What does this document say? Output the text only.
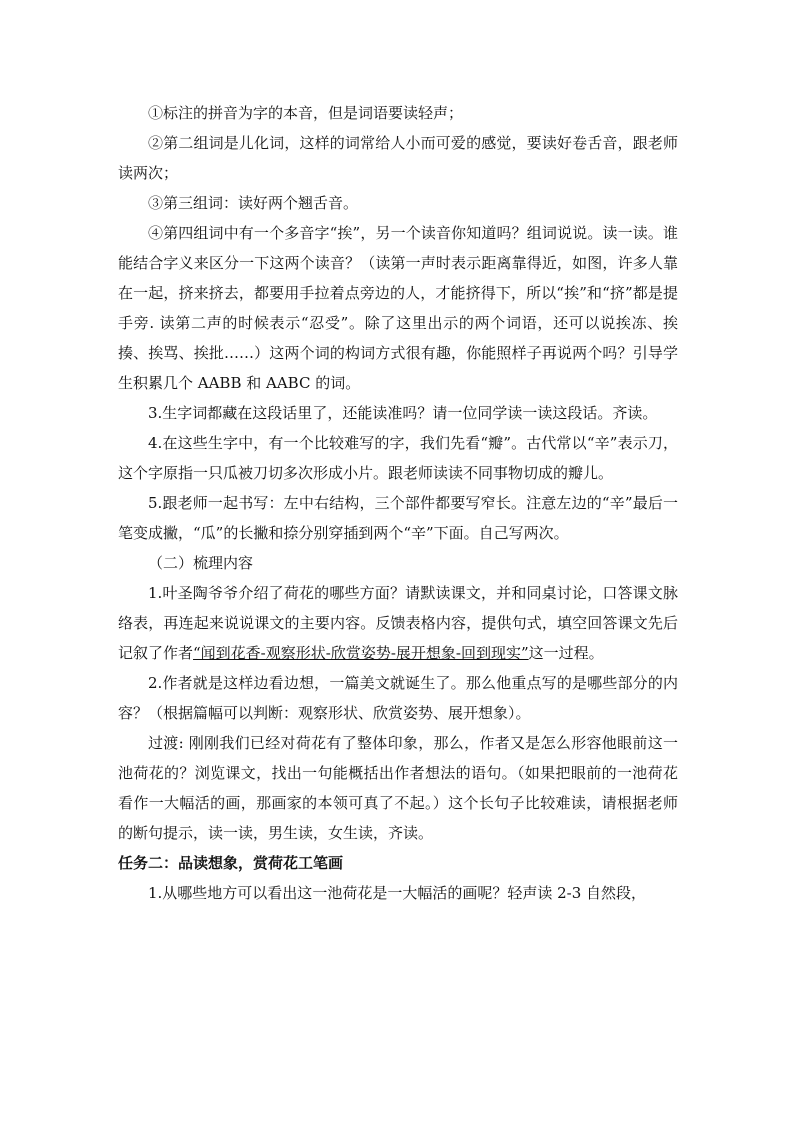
①标注的拼音为字的本音，但是词语要读轻声；

②第二组词是儿化词，这样的词常给人小而可爱的感觉，要读好卷舌音，跟老师读两次；

③第三组词：读好两个翘舌音。

④第四组词中有一个多音字“挨”，另一个读音你知道吗？组词说说。读一读。谁能结合字义来区分一下这两个读音？（读第一声时表示距离靠得近，如图，许多人靠在一起，挤来挤去，都要用手拉着点旁边的人，才能挤得下，所以“挨”和“挤”都是提手旁. 读第二声的时候表示“忍受”。除了这里出示的两个词语，还可以说挨冻、挨揍、挨骂、挨批……）这两个词的构词方式很有趣，你能照样子再说两个吗？引导学生积累几个 AABB 和 AABC 的词。

3.生字词都藏在这段话里了，还能读准吗？请一位同学读一读这段话。齐读。

4.在这些生字中，有一个比较难写的字，我们先看“瓣”。古代常以“辛”表示刀，这个字原指一只瓜被刀切多次形成小片。跟老师读读不同事物切成的瓣儿。

5.跟老师一起书写：左中右结构，三个部件都要写窄长。注意左边的“辛”最后一笔变成撇，“瓜”的长撇和捺分别穿插到两个“辛”下面。自己写两次。

（二）梳理内容

1.叶圣陶爷爷介绍了荷花的哪些方面？请默读课文，并和同桌讨论，口答课文脉络表，再连起来说说课文的主要内容。反馈表格内容，提供句式，填空回答课文先后记叙了作者“闻到花香-观察形状-欣赏姿势-展开想象-回到现实”这一过程。

2.作者就是这样边看边想，一篇美文就诞生了。那么他重点写的是哪些部分的内容？（根据篇幅可以判断：观察形状、欣赏姿势、展开想象）。

过渡: 刚刚我们已经对荷花有了整体印象，那么，作者又是怎么形容他眼前这一池荷花的？浏览课文，找出一句能概括出作者想法的语句。（如果把眼前的一池荷花看作一大幅活的画，那画家的本领可真了不起。）这个长句子比较难读，请根据老师的断句提示，读一读，男生读，女生读，齐读。

任务二：品读想象，赏荷花工笔画

1.从哪些地方可以看出这一池荷花是一大幅活的画呢？轻声读 2-3 自然段，
